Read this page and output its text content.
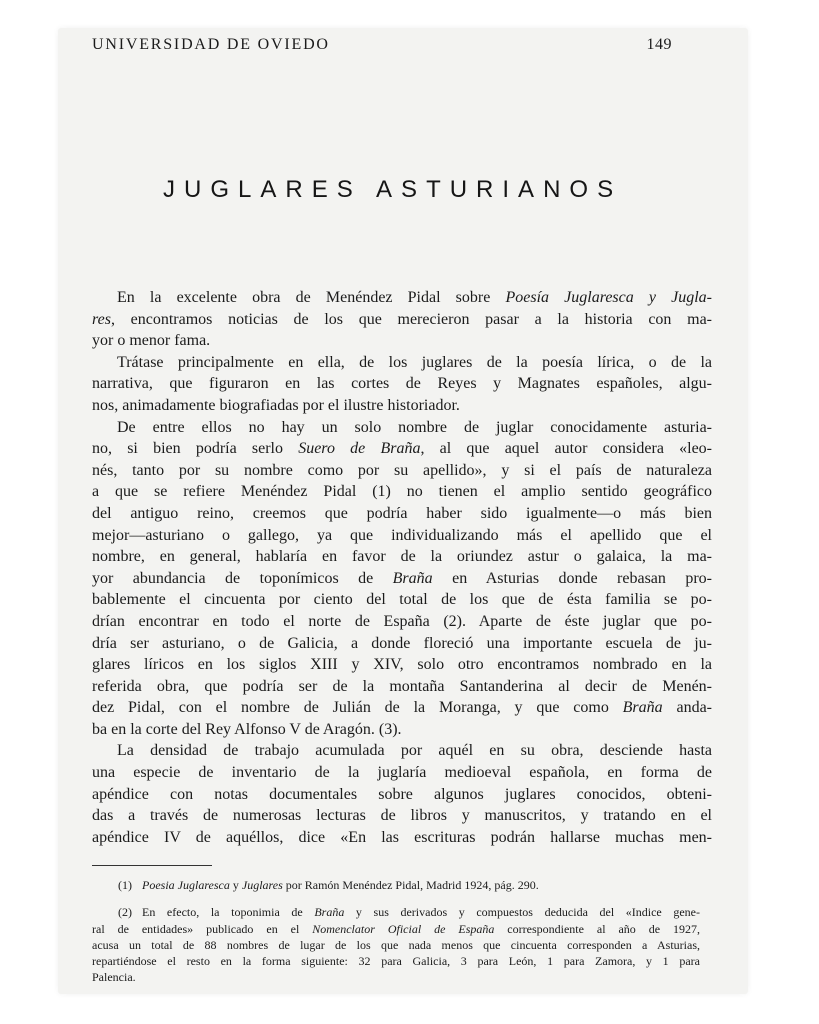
UNIVERSIDAD DE OVIEDO	149
JUGLARES ASTURIANOS
En la excelente obra de Menéndez Pidal sobre Poesía Juglaresca y Jugla-
res, encontramos noticias de los que merecieron pasar a la historia con ma-
yor o menor fama.
Trátase principalmente en ella, de los juglares de la poesía lírica, o de la
narrativa, que figuraron en las cortes de Reyes y Magnates españoles, algu-
nos, animadamente biografiadas por el ilustre historiador.
De entre ellos no hay un solo nombre de juglar conocidamente asturia-
no, si bien podría serlo Suero de Braña, al que aquel autor considera «leo-
nés, tanto por su nombre como por su apellido», y si el país de naturaleza
a que se refiere Menéndez Pidal (1) no tienen el amplio sentido geográfico
del antiguo reino, creemos que podría haber sido igualmente—o más bien
mejor—asturiano o gallego, ya que individualizando más el apellido que el
nombre, en general, hablaría en favor de la oriundez astur o galaica, la ma-
yor abundancia de toponímicos de Braña en Asturias donde rebasan pro-
bablemente el cincuenta por ciento del total de los que de ésta familia se po-
drían encontrar en todo el norte de España (2). Aparte de éste juglar que po-
dría ser asturiano, o de Galicia, a donde floreció una importante escuela de ju-
glares líricos en los siglos XIII y XIV, solo otro encontramos nombrado en la
referida obra, que podría ser de la montaña Santanderina al decir de Menén-
dez Pidal, con el nombre de Julián de la Moranga, y que como Braña anda-
ba en la corte del Rey Alfonso V de Aragón. (3).
La densidad de trabajo acumulada por aquél en su obra, desciende hasta
una especie de inventario de la juglaría medioeval española, en forma de
apéndice con notas documentales sobre algunos juglares conocidos, obteni-
das a través de numerosas lecturas de libros y manuscritos, y tratando en el
apéndice IV de aquéllos, dice «En las escrituras podrán hallarse muchas men-
(1) Poesia Juglaresca y Juglares por Ramón Menéndez Pidal, Madrid 1924, pág. 290.
(2) En efecto, la toponimia de Braña y sus derivados y compuestos deducida del «Indice gene-
ral de entidades» publicado en el Nomenclator Oficial de España correspondiente al año de 1927,
acusa un total de 88 nombres de lugar de los que nada menos que cincuenta corresponden a Asturias,
repartiéndose el resto en la forma siguiente: 32 para Galicia, 3 para León, 1 para Zamora, y 1 para
Palencia.
